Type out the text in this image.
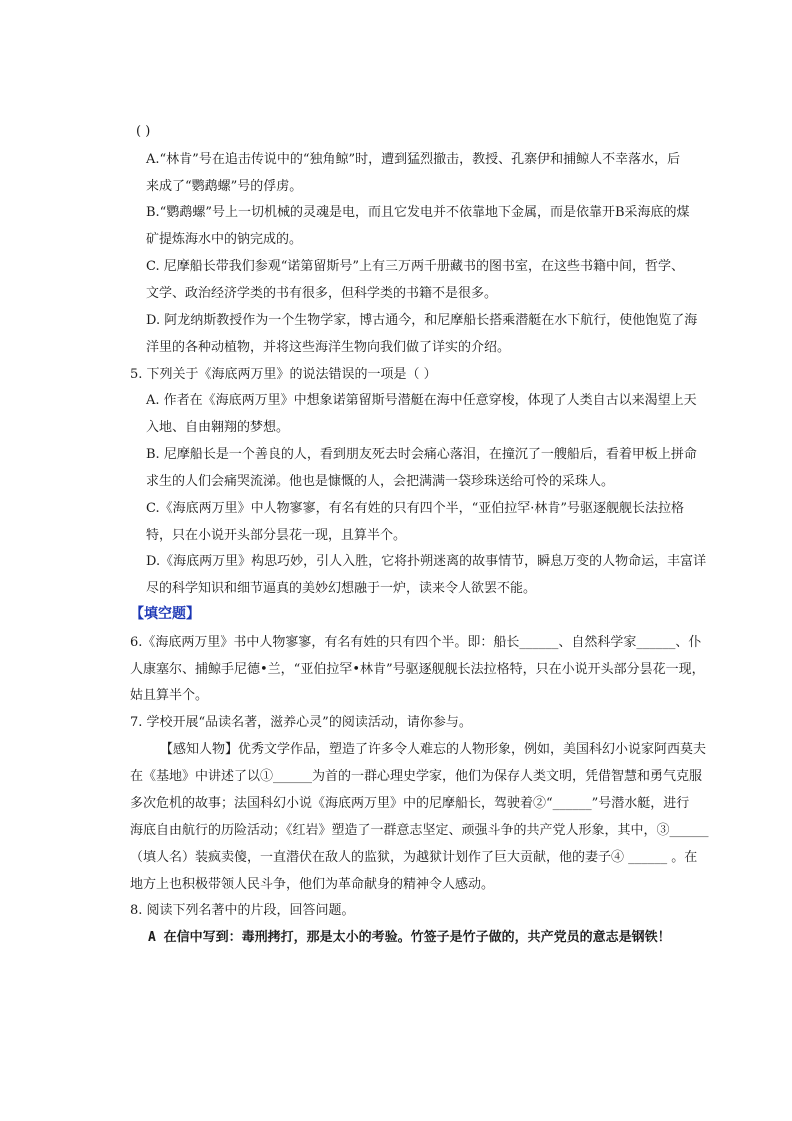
( )
A.“林肯”号在追击传说中的“独角鲸”时，遭到猛烈撤击，教授、孔寨伊和捕鲸人不幸落水，后
来成了“鹦鹉螺”号的俘虏。
B.“鹦鹉螺”号上一切机械的灵魂是电，而且它发电并不依靠地下金属，而是依靠开B采海底的煤
矿提炼海水中的钠完成的。
C. 尼摩船长带我们参观“诺第留斯号”上有三万两千册藏书的图书室，在这些书籍中间，哲学、
文学、政治经济学类的书有很多，但科学类的书籍不是很多。
D. 阿龙纳斯教授作为一个生物学家，博古通今，和尼摩船长搭乘潜艇在水下航行，使他饱览了海
洋里的各种动植物，并将这些海洋生物向我们做了详实的介绍。
5. 下列关于《海底两万里》的说法错误的一项是（ ）
A. 作者在《海底两万里》中想象诺第留斯号潜艇在海中任意穿梭，体现了人类自古以来渴望上天
入地、自由翱翔的梦想。
B. 尼摩船长是一个善良的人，看到朋友死去时会痛心落泪，在撞沉了一艘船后，看着甲板上拼命
求生的人们会痛哭流涕。他也是慷慨的人，会把满满一袋珍珠送给可怜的采珠人。
C.《海底两万里》中人物寥寥，有名有姓的只有四个半，“亚伯拉罕·林肯”号驱逐舰舰长法拉格
特，只在小说开头部分昙花一现，且算半个。
D.《海底两万里》构思巧妙，引人入胜，它将扑朔迷离的故事情节，瞬息万变的人物命运，丰富详
尽的科学知识和细节逼真的美妙幻想融于一炉，读来令人欲罢不能。
【填空题】
6.《海底两万里》书中人物寥寥，有名有姓的只有四个半。即：船长______、自然科学家______、仆
人康塞尔、捕鲸手尼德•兰，“亚伯拉罕•林肯”号驱逐舰舰长法拉格特，只在小说开头部分昙花一现，
姑且算半个。
7. 学校开展“品读名著，滋养心灵”的阅读活动，请你参与。
【感知人物】优秀文学作品，塑造了许多令人难忘的人物形象，例如，美国科幻小说家阿西莫夫
在《基地》中讲述了以①______为首的一群心理史学家，他们为保存人类文明，凭借智慧和勇气克服
多次危机的故事；法国科幻小说《海底两万里》中的尼摩船长，驾驶着②“______”号潜水艇，进行
海底自由航行的历险活动；《红岩》塑造了一群意志坚定、顽强斗争的共产党人形象，其中，③______
（填人名）装疯卖傻，一直潜伏在敌人的监狱，为越狱计划作了巨大贡献，他的妻子④ ______ 。在
地方上也积极带领人民斗争，他们为革命献身的精神令人感动。
8. 阅读下列名著中的片段，回答问题。
A 在信中写到：毒刑拷打，那是太小的考验。竹签子是竹子做的，共产党员的意志是钢铁！
